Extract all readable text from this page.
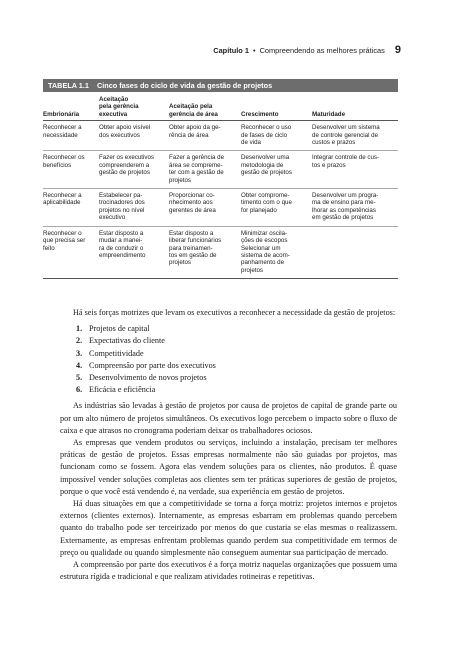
Capítulo 1 • Compreendendo as melhores práticas 9
TABELA 1.1 Cinco fases do ciclo de vida da gestão de projetos
Embrionária
Aceitação
pela gerência
executiva
Aceitação pela
gerência de área	Crescimento	Maturidade
Reconhecer a
necessidade
Obter apoio visível
dos executivos
Obter apoio da ge-
rência de área
Reconhecer o uso
de fases de ciclo
de vida
Desenvolver um sistema
de controle gerencial de
custos e prazos
Reconhecer os
benefícios
Fazer os executivos
compreenderem a
gestão de projetos
Fazer a gerência de
área se compreme-
ter com a gestão de
projetos
Desenvolver uma
metodologia de
gestão de projetos
Integrar controle de cus-
tos e prazos
Reconhecer a
aplicabilidade
Estabelecer pa-
trocinadores dos
projetos no nível
executivo
Proporcionar co-
nhecimento aos
gerentes de área
Obter comprome-
timento com o que
for planejado
Desenvolver um progra-
ma de ensino para me-
lhorar as competências
em gestão de projetos
Reconhecer o
que precisa ser
feito
Estar disposto a
mudar a manei-
ra de conduzir o
empreendimento
Estar disposto a
liberar funcionários
para treinamen-
tos em gestão de
projetos
Minimizar oscila-
ções de escopos
Selecionar um
sistema de acom-
panhamento de
projetos

Há seis forças motrizes que levam os executivos a reconhecer a necessidade da gestão de projetos:

1. Projetos de capital
2. Expectativas do cliente
3. Competitividade
4. Compreensão por parte dos executivos
5. Desenvolvimento de novos projetos
6. Eficácia e eficiência

As indústrias são levadas à gestão de projetos por causa de projetos de capital de grande parte ou por um alto número de projetos simultâneos. Os executivos logo percebem o impacto sobre o fluxo de caixa e que atrasos no cronograma poderiam deixar os trabalhadores ociosos.

As empresas que vendem produtos ou serviços, incluindo a instalação, precisam ter melhores práticas de gestão de projetos. Essas empresas normalmente não são guiadas por projetos, mas funcionam como se fossem. Agora elas vendem soluções para os clientes, não produtos. É quase impossível vender soluções completas aos clientes sem ter práticas superiores de gestão de projetos, porque o que você está vendendo é, na verdade, sua experiência em gestão de projetos.

Há duas situações em que a competitividade se torna a força motriz: projetos internos e projetos externos (clientes externos). Internamente, as empresas esbarram em problemas quando percebem quanto do trabalho pode ser terceirizado por menos do que custaria se elas mesmas o realizassem. Externamente, as empresas enfrentam problemas quando perdem sua competitividade em termos de preço ou qualidade ou quando simplesmente não conseguem aumentar sua participação de mercado.

A compreensão por parte dos executivos é a força motriz naquelas organizações que possuem uma estrutura rígida e tradicional e que realizam atividades rotineiras e repetitivas.
